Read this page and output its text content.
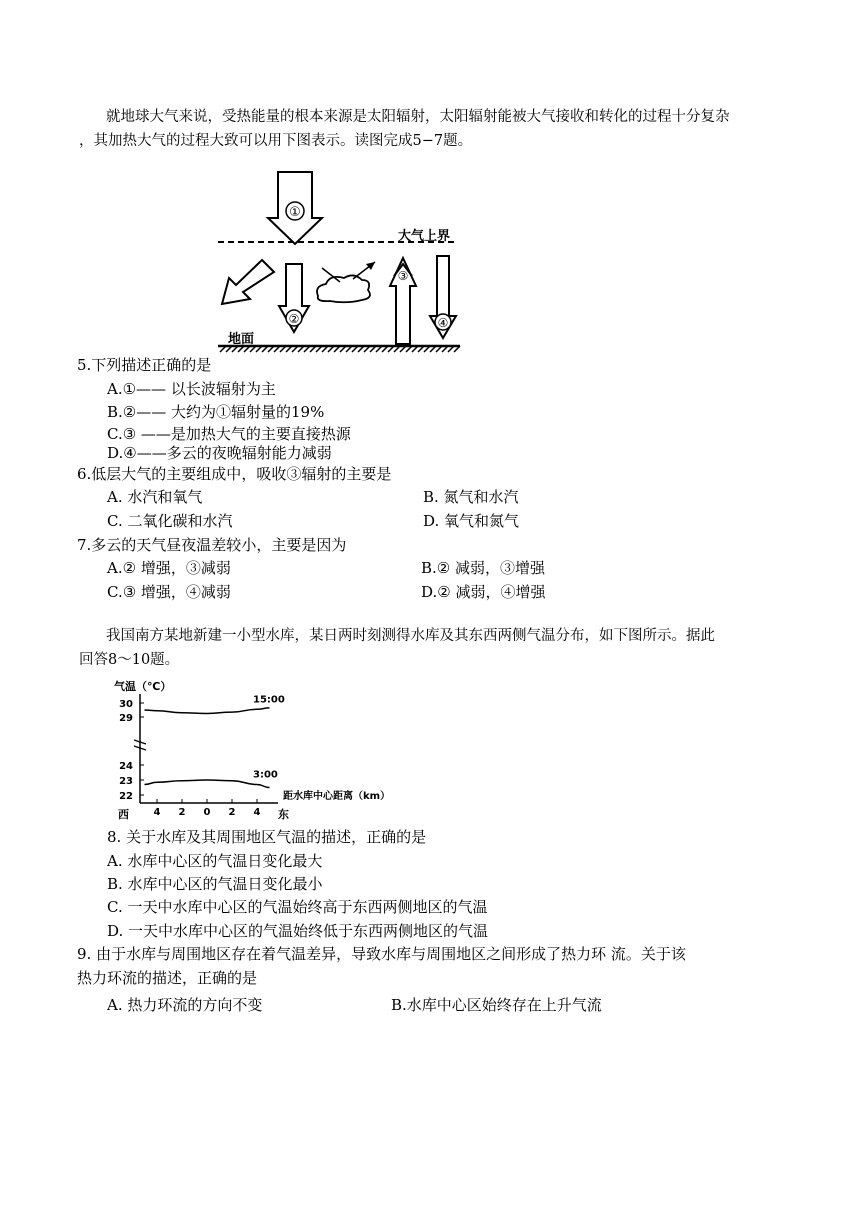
就地球大气来说，受热能量的根本来源是太阳辐射，太阳辐射能被大气接收和转化的过程十分复杂
，其加热大气的过程大致可以用下图表示。读图完成5−7题。
大气上界
①
②
③
④
地面
5.下列描述正确的是
A.①—— 以长波辐射为主
B.②—— 大约为①辐射量的19%
C.③ ——是加热大气的主要直接热源
D.④——多云的夜晚辐射能力减弱
6.低层大气的主要组成中，吸收③辐射的主要是
A. 水汽和氧气	B. 氮气和水汽
C. 二氧化碳和水汽	D. 氧气和氮气
7.多云的天气昼夜温差较小，主要是因为
A.② 增强，③减弱	B.② 减弱，③增强
C.③ 增强，④减弱	D.② 减弱，④增强
我国南方某地新建一小型水库，某日两时刻测得水库及其东西两侧气温分布，如下图所示。据此
回答8～10题。
气温（℃）
30
29
24
23
22
4 2 0 2 4
西	东
距水库中心距离（km）
15:00
3:00
8. 关于水库及其周围地区气温的描述，正确的是
A. 水库中心区的气温日变化最大
B. 水库中心区的气温日变化最小
C. 一天中水库中心区的气温始终高于东西两侧地区的气温
D. 一天中水库中心区的气温始终低于东西两侧地区的气温
9. 由于水库与周围地区存在着气温差异，导致水库与周围地区之间形成了热力环 流。关于该
热力环流的描述，正确的是
A. 热力环流的方向不变	B.水库中心区始终存在上升气流
